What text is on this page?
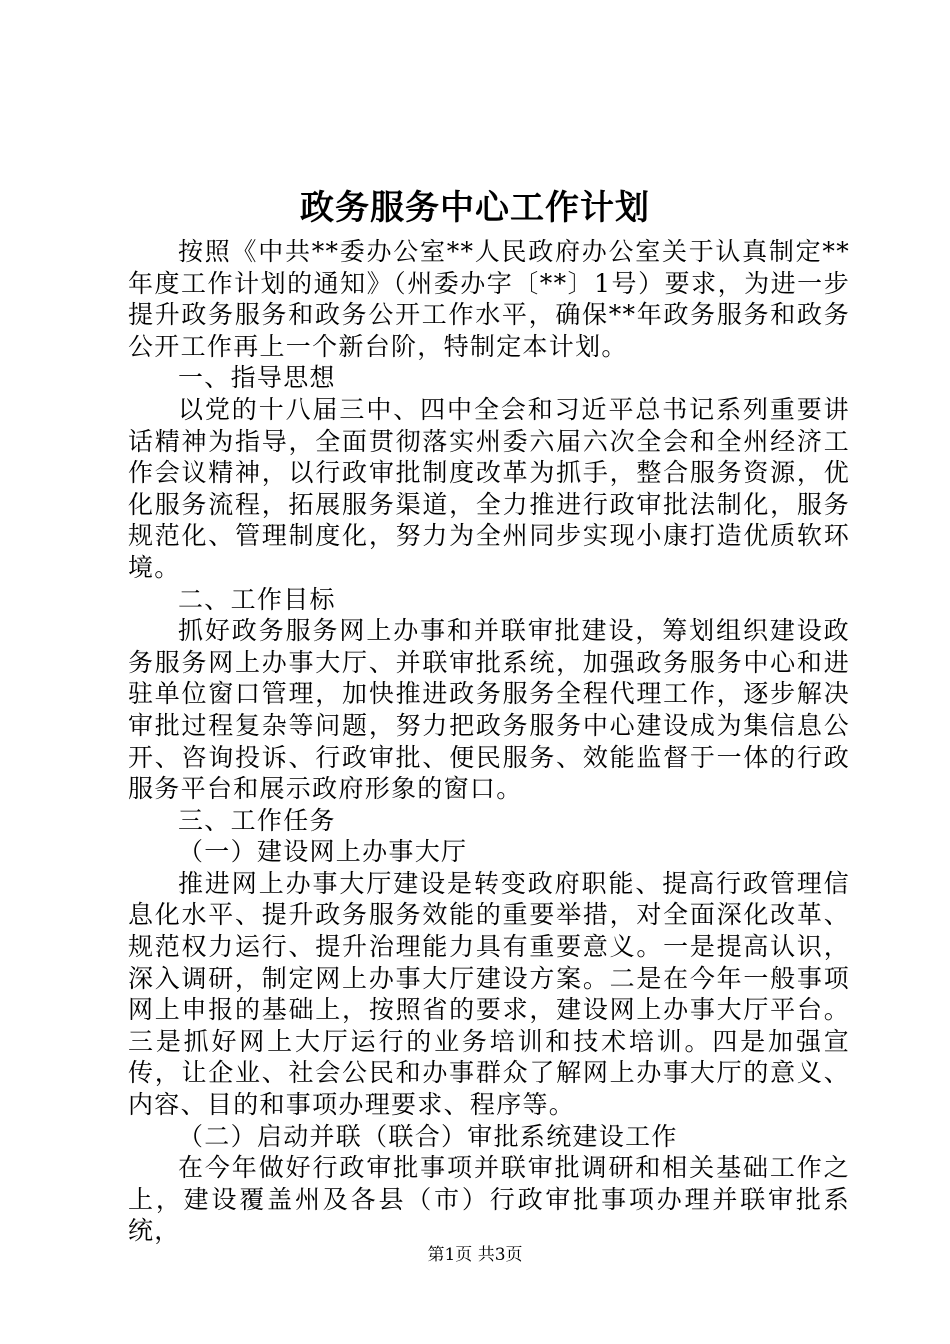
政务服务中心工作计划

按照《中共**委办公室**人民政府办公室关于认真制定**年度工作计划的通知》（州委办字〔**〕1号）要求，为进一步提升政务服务和政务公开工作水平，确保**年政务服务和政务公开工作再上一个新台阶，特制定本计划。

一、指导思想

以党的十八届三中、四中全会和习近平总书记系列重要讲话精神为指导，全面贯彻落实州委六届六次全会和全州经济工作会议精神，以行政审批制度改革为抓手，整合服务资源，优化服务流程，拓展服务渠道，全力推进行政审批法制化，服务规范化、管理制度化，努力为全州同步实现小康打造优质软环境。

二、工作目标

抓好政务服务网上办事和并联审批建设，筹划组织建设政务服务网上办事大厅、并联审批系统，加强政务服务中心和进驻单位窗口管理，加快推进政务服务全程代理工作，逐步解决审批过程复杂等问题，努力把政务服务中心建设成为集信息公开、咨询投诉、行政审批、便民服务、效能监督于一体的行政服务平台和展示政府形象的窗口。

三、工作任务

（一）建设网上办事大厅

推进网上办事大厅建设是转变政府职能、提高行政管理信息化水平、提升政务服务效能的重要举措，对全面深化改革、规范权力运行、提升治理能力具有重要意义。一是提高认识，深入调研，制定网上办事大厅建设方案。二是在今年一般事项网上申报的基础上，按照省的要求，建设网上办事大厅平台。三是抓好网上大厅运行的业务培训和技术培训。四是加强宣传，让企业、社会公民和办事群众了解网上办事大厅的意义、内容、目的和事项办理要求、程序等。

（二）启动并联（联合）审批系统建设工作

在今年做好行政审批事项并联审批调研和相关基础工作之上，建设覆盖州及各县（市）行政审批事项办理并联审批系统，

第1页 共3页
